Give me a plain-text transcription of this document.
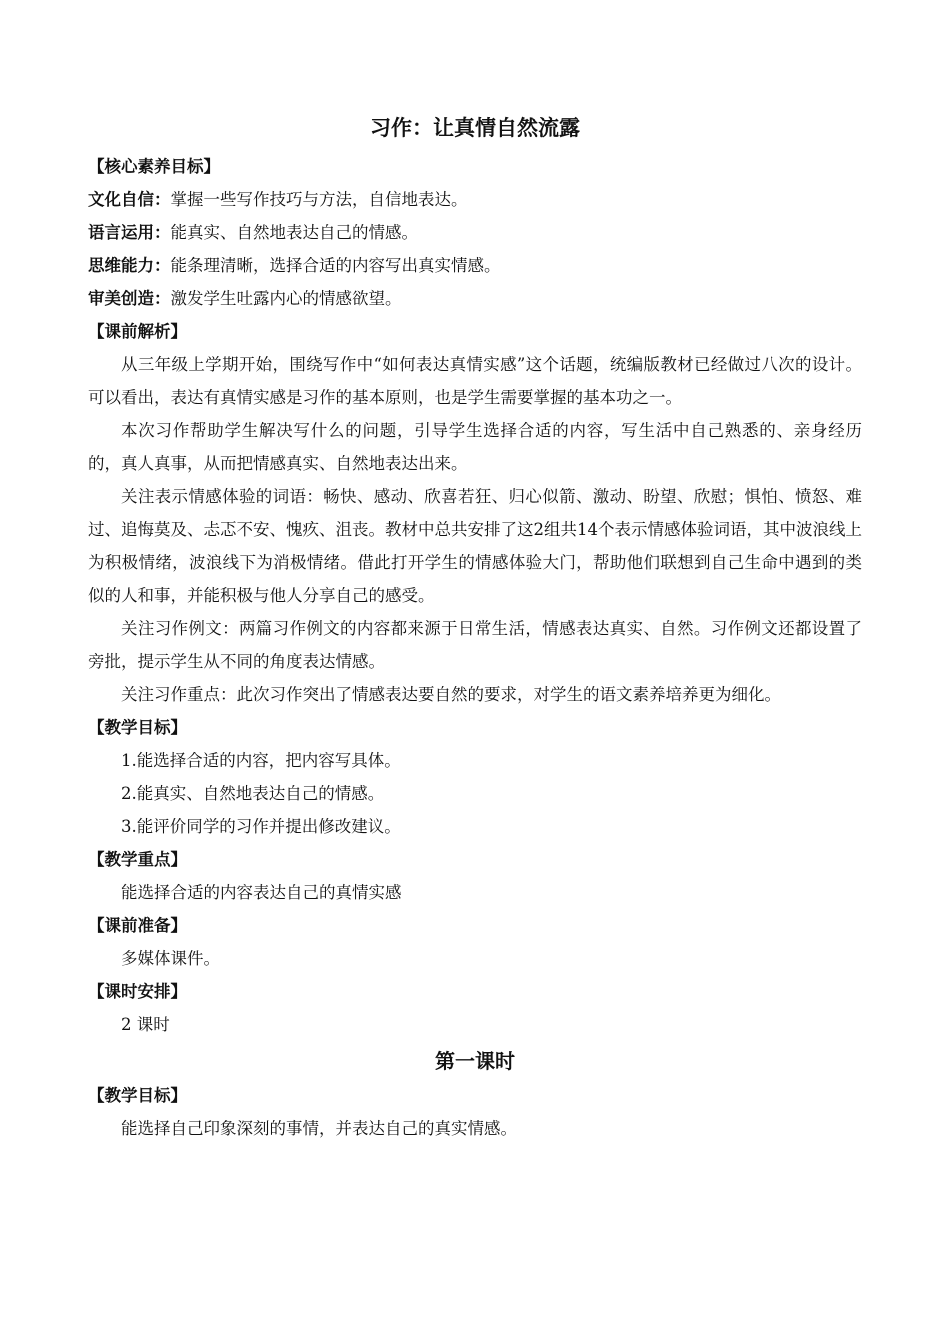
习作：让真情自然流露

【核心素养目标】

文化自信：掌握一些写作技巧与方法，自信地表达。

语言运用：能真实、自然地表达自己的情感。

思维能力：能条理清晰，选择合适的内容写出真实情感。

审美创造：激发学生吐露内心的情感欲望。

【课前解析】

从三年级上学期开始，围绕写作中“如何表达真情实感”这个话题，统编版教材已经做过八次的设计。可以看出，表达有真情实感是习作的基本原则，也是学生需要掌握的基本功之一。

本次习作帮助学生解决写什么的问题，引导学生选择合适的内容，写生活中自己熟悉的、亲身经历的，真人真事，从而把情感真实、自然地表达出来。

关注表示情感体验的词语：畅快、感动、欣喜若狂、归心似箭、激动、盼望、欣慰；惧怕、愤怒、难过、追悔莫及、忐忑不安、愧疚、沮丧。教材中总共安排了这2组共14个表示情感体验词语，其中波浪线上为积极情绪，波浪线下为消极情绪。借此打开学生的情感体验大门，帮助他们联想到自己生命中遇到的类似的人和事，并能积极与他人分享自己的感受。

关注习作例文：两篇习作例文的内容都来源于日常生活，情感表达真实、自然。习作例文还都设置了旁批，提示学生从不同的角度表达情感。

关注习作重点：此次习作突出了情感表达要自然的要求，对学生的语文素养培养更为细化。

【教学目标】

1.能选择合适的内容，把内容写具体。

2.能真实、自然地表达自己的情感。

3.能评价同学的习作并提出修改建议。

【教学重点】

能选择合适的内容表达自己的真情实感

【课前准备】

多媒体课件。

【课时安排】

2 课时

第一课时

【教学目标】

能选择自己印象深刻的事情，并表达自己的真实情感。
